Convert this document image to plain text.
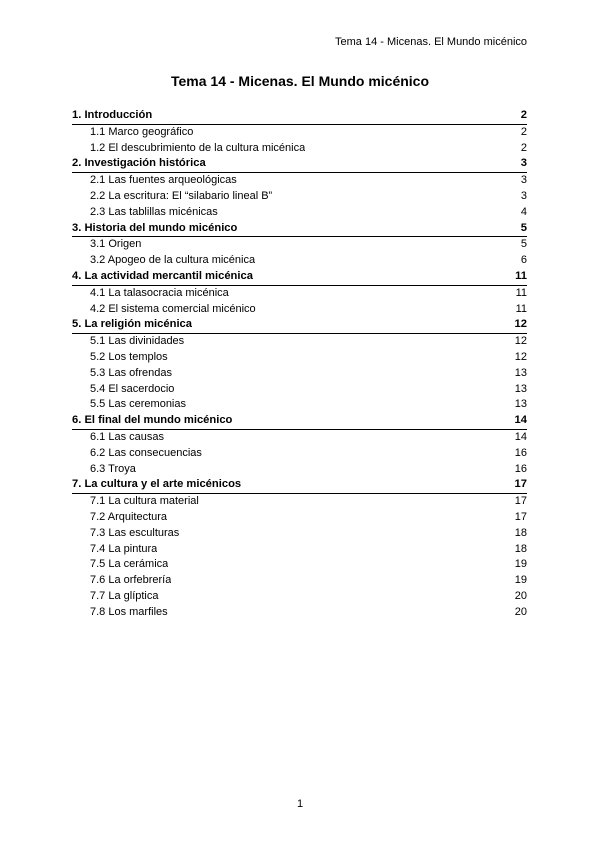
Tema 14 - Micenas. El Mundo micénico
Tema 14 - Micenas. El Mundo micénico
1. Introducción	2
1.1 Marco geográfico	2
1.2 El descubrimiento de la cultura micénica	2
2. Investigación histórica	3
2.1 Las fuentes arqueológicas	3
2.2 La escritura: El “silabario lineal B”	3
2.3 Las tablillas micénicas	4
3. Historia del mundo micénico	5
3.1 Origen	5
3.2 Apogeo de la cultura micénica	6
4. La actividad mercantil micénica	11
4.1 La talasocracia micénica	11
4.2 El sistema comercial micénico	11
5. La religión micénica	12
5.1 Las divinidades	12
5.2 Los templos	12
5.3 Las ofrendas	13
5.4 El sacerdocio	13
5.5 Las ceremonias	13
6. El final del mundo micénico	14
6.1 Las causas	14
6.2 Las consecuencias	16
6.3 Troya	16
7. La cultura y el arte micénicos	17
7.1 La cultura material	17
7.2 Arquitectura	17
7.3 Las esculturas	18
7.4 La pintura	18
7.5 La cerámica	19
7.6 La orfebrería	19
7.7 La glíptica	20
7.8 Los marfiles	20
1
